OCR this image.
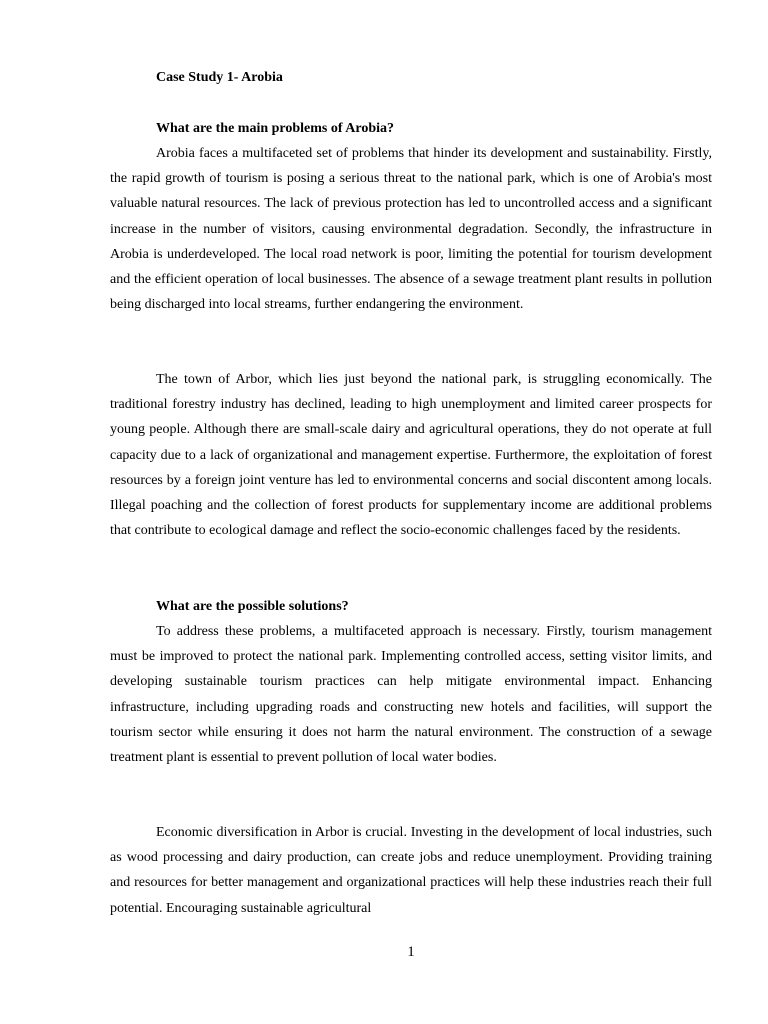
Case Study 1- Arobia
What are the main problems of Arobia?
Arobia faces a multifaceted set of problems that hinder its development and sustainability. Firstly, the rapid growth of tourism is posing a serious threat to the national park, which is one of Arobia's most valuable natural resources. The lack of previous protection has led to uncontrolled access and a significant increase in the number of visitors, causing environmental degradation. Secondly, the infrastructure in Arobia is underdeveloped. The local road network is poor, limiting the potential for tourism development and the efficient operation of local businesses. The absence of a sewage treatment plant results in pollution being discharged into local streams, further endangering the environment.
The town of Arbor, which lies just beyond the national park, is struggling economically. The traditional forestry industry has declined, leading to high unemployment and limited career prospects for young people. Although there are small-scale dairy and agricultural operations, they do not operate at full capacity due to a lack of organizational and management expertise. Furthermore, the exploitation of forest resources by a foreign joint venture has led to environmental concerns and social discontent among locals. Illegal poaching and the collection of forest products for supplementary income are additional problems that contribute to ecological damage and reflect the socio-economic challenges faced by the residents.
What are the possible solutions?
To address these problems, a multifaceted approach is necessary. Firstly, tourism management must be improved to protect the national park. Implementing controlled access, setting visitor limits, and developing sustainable tourism practices can help mitigate environmental impact. Enhancing infrastructure, including upgrading roads and constructing new hotels and facilities, will support the tourism sector while ensuring it does not harm the natural environment. The construction of a sewage treatment plant is essential to prevent pollution of local water bodies.
Economic diversification in Arbor is crucial. Investing in the development of local industries, such as wood processing and dairy production, can create jobs and reduce unemployment. Providing training and resources for better management and organizational practices will help these industries reach their full potential. Encouraging sustainable agricultural
1
